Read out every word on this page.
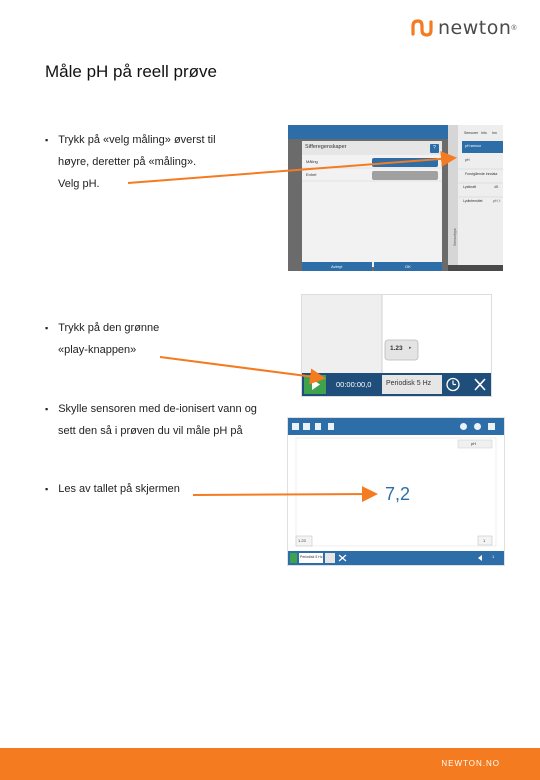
newton ®
Måle pH på reell prøve
▪ Trykk på «velg måling» øverst til
høyre, deretter på «måling».
Velg pH.
▪ Trykk på den grønne
«play-knappen»
▪ Skylle sensoren med de-ionisert vann og
sett den så i prøven du vil måle pH på
▪ Les av tallet på skjermen
Sifferegenskaper	?
Måling
Enhet
Avbryt	OK
Sensorer Info Inn
pH sensor
pH
Forutgående inndata
Lystkraft
Lydintensitet
dB
pH, t
Sensortype
1.23 ▸
00:00:00,0 Periodisk 5 Hz
pH
7,2
1.23	1
Periodisk 5 Hz	1
NEWTON.NO
